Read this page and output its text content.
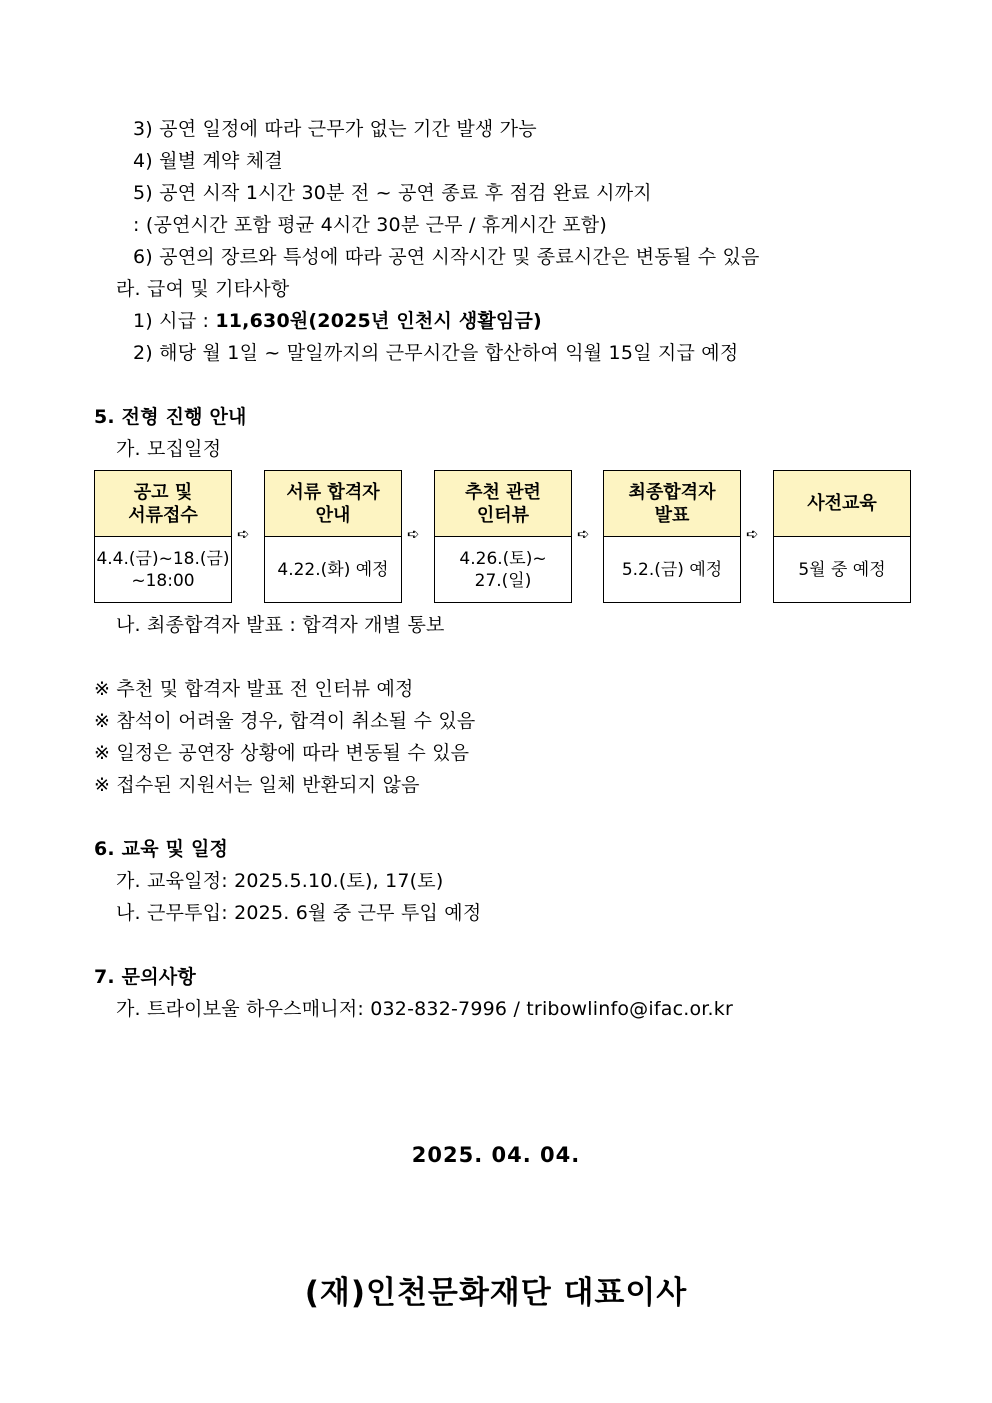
3) 공연 일정에 따라 근무가 없는 기간 발생 가능
4) 월별 계약 체결
5) 공연 시작 1시간 30분 전 ~ 공연 종료 후 점검 완료 시까지
: (공연시간 포함 평균 4시간 30분 근무 / 휴게시간 포함)
6) 공연의 장르와 특성에 따라 공연 시작시간 및 종료시간은 변동될 수 있음
라. 급여 및 기타사항
1) 시급 : 11,630원(2025년 인천시 생활임금)
2) 해당 월 1일 ~ 말일까지의 근무시간을 합산하여 익월 15일 지급 예정
5. 전형 진행 안내
가. 모집일정
공고 및
서류접수
4.4.(금)~18.(금)
~18:00
➪
서류 합격자
안내
4.22.(화) 예정
➪
추천 관련
인터뷰
4.26.(토)~
27.(일)
➪
최종합격자
발표
5.2.(금) 예정
➪
사전교육
5월 중 예정
나. 최종합격자 발표 : 합격자 개별 통보
※ 추천 및 합격자 발표 전 인터뷰 예정
※ 참석이 어려울 경우, 합격이 취소될 수 있음
※ 일정은 공연장 상황에 따라 변동될 수 있음
※ 접수된 지원서는 일체 반환되지 않음
6. 교육 및 일정
가. 교육일정: 2025.5.10.(토), 17(토)
나. 근무투입: 2025. 6월 중 근무 투입 예정
7. 문의사항
가. 트라이보울 하우스매니저: 032-832-7996 / tribowlinfo@ifac.or.kr
2025. 04. 04.
(재)인천문화재단 대표이사
